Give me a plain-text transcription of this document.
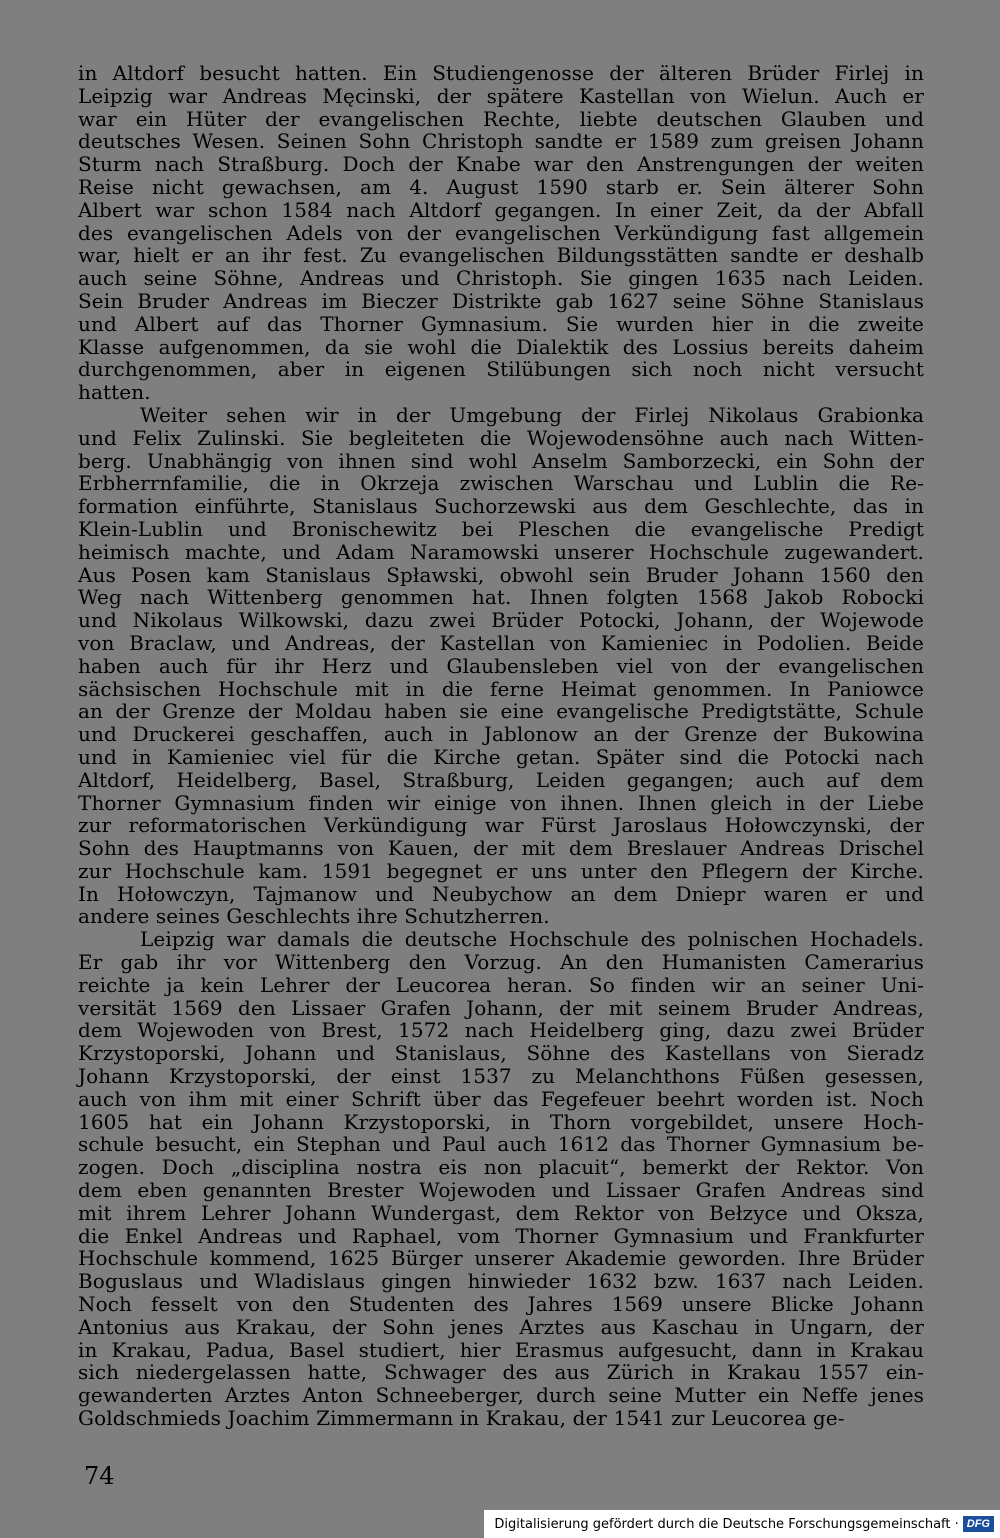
in Altdorf besucht hatten. Ein Studiengenosse der älteren Brüder Firlej in
Leipzig war Andreas Męcinski, der spätere Kastellan von Wielun. Auch er
war ein Hüter der evangelischen Rechte, liebte deutschen Glauben und
deutsches Wesen. Seinen Sohn Christoph sandte er 1589 zum greisen Johann
Sturm nach Straßburg. Doch der Knabe war den Anstrengungen der weiten
Reise nicht gewachsen, am 4. August 1590 starb er. Sein älterer Sohn
Albert war schon 1584 nach Altdorf gegangen. In einer Zeit, da der Abfall
des evangelischen Adels von der evangelischen Verkündigung fast allgemein
war, hielt er an ihr fest. Zu evangelischen Bildungsstätten sandte er deshalb
auch seine Söhne, Andreas und Christoph. Sie gingen 1635 nach Leiden.
Sein Bruder Andreas im Bieczer Distrikte gab 1627 seine Söhne Stanislaus
und Albert auf das Thorner Gymnasium. Sie wurden hier in die zweite
Klasse aufgenommen, da sie wohl die Dialektik des Lossius bereits daheim
durchgenommen, aber in eigenen Stilübungen sich noch nicht versucht
hatten.
Weiter sehen wir in der Umgebung der Firlej Nikolaus Grabionka
und Felix Zulinski. Sie begleiteten die Wojewodensöhne auch nach Witten-
berg. Unabhängig von ihnen sind wohl Anselm Samborzecki, ein Sohn der
Erbherrnfamilie, die in Okrzeja zwischen Warschau und Lublin die Re-
formation einführte, Stanislaus Suchorzewski aus dem Geschlechte, das in
Klein-Lublin und Bronischewitz bei Pleschen die evangelische Predigt
heimisch machte, und Adam Naramowski unserer Hochschule zugewandert.
Aus Posen kam Stanislaus Spławski, obwohl sein Bruder Johann 1560 den
Weg nach Wittenberg genommen hat. Ihnen folgten 1568 Jakob Robocki
und Nikolaus Wilkowski, dazu zwei Brüder Potocki, Johann, der Wojewode
von Braclaw, und Andreas, der Kastellan von Kamieniec in Podolien. Beide
haben auch für ihr Herz und Glaubensleben viel von der evangelischen
sächsischen Hochschule mit in die ferne Heimat genommen. In Paniowce
an der Grenze der Moldau haben sie eine evangelische Predigtstätte, Schule
und Druckerei geschaffen, auch in Jablonow an der Grenze der Bukowina
und in Kamieniec viel für die Kirche getan. Später sind die Potocki nach
Altdorf, Heidelberg, Basel, Straßburg, Leiden gegangen; auch auf dem
Thorner Gymnasium finden wir einige von ihnen. Ihnen gleich in der Liebe
zur reformatorischen Verkündigung war Fürst Jaroslaus Hołowczynski, der
Sohn des Hauptmanns von Kauen, der mit dem Breslauer Andreas Drischel
zur Hochschule kam. 1591 begegnet er uns unter den Pflegern der Kirche.
In Hołowczyn, Tajmanow und Neubychow an dem Dniepr waren er und
andere seines Geschlechts ihre Schutzherren.
Leipzig war damals die deutsche Hochschule des polnischen Hochadels.
Er gab ihr vor Wittenberg den Vorzug. An den Humanisten Camerarius
reichte ja kein Lehrer der Leucorea heran. So finden wir an seiner Uni-
versität 1569 den Lissaer Grafen Johann, der mit seinem Bruder Andreas,
dem Wojewoden von Brest, 1572 nach Heidelberg ging, dazu zwei Brüder
Krzystoporski, Johann und Stanislaus, Söhne des Kastellans von Sieradz
Johann Krzystoporski, der einst 1537 zu Melanchthons Füßen gesessen,
auch von ihm mit einer Schrift über das Fegefeuer beehrt worden ist. Noch
1605 hat ein Johann Krzystoporski, in Thorn vorgebildet, unsere Hoch-
schule besucht, ein Stephan und Paul auch 1612 das Thorner Gymnasium be-
zogen. Doch „disciplina nostra eis non placuit“, bemerkt der Rektor. Von
dem eben genannten Brester Wojewoden und Lissaer Grafen Andreas sind
mit ihrem Lehrer Johann Wundergast, dem Rektor von Bełzyce und Oksza,
die Enkel Andreas und Raphael, vom Thorner Gymnasium und Frankfurter
Hochschule kommend, 1625 Bürger unserer Akademie geworden. Ihre Brüder
Boguslaus und Wladislaus gingen hinwieder 1632 bzw. 1637 nach Leiden.
Noch fesselt von den Studenten des Jahres 1569 unsere Blicke Johann
Antonius aus Krakau, der Sohn jenes Arztes aus Kaschau in Ungarn, der
in Krakau, Padua, Basel studiert, hier Erasmus aufgesucht, dann in Krakau
sich niedergelassen hatte, Schwager des aus Zürich in Krakau 1557 ein-
gewanderten Arztes Anton Schneeberger, durch seine Mutter ein Neffe jenes
Goldschmieds Joachim Zimmermann in Krakau, der 1541 zur Leucorea ge-
74
Digitalisierung gefördert durch die Deutsche Forschungsgemeinschaft · DFG
